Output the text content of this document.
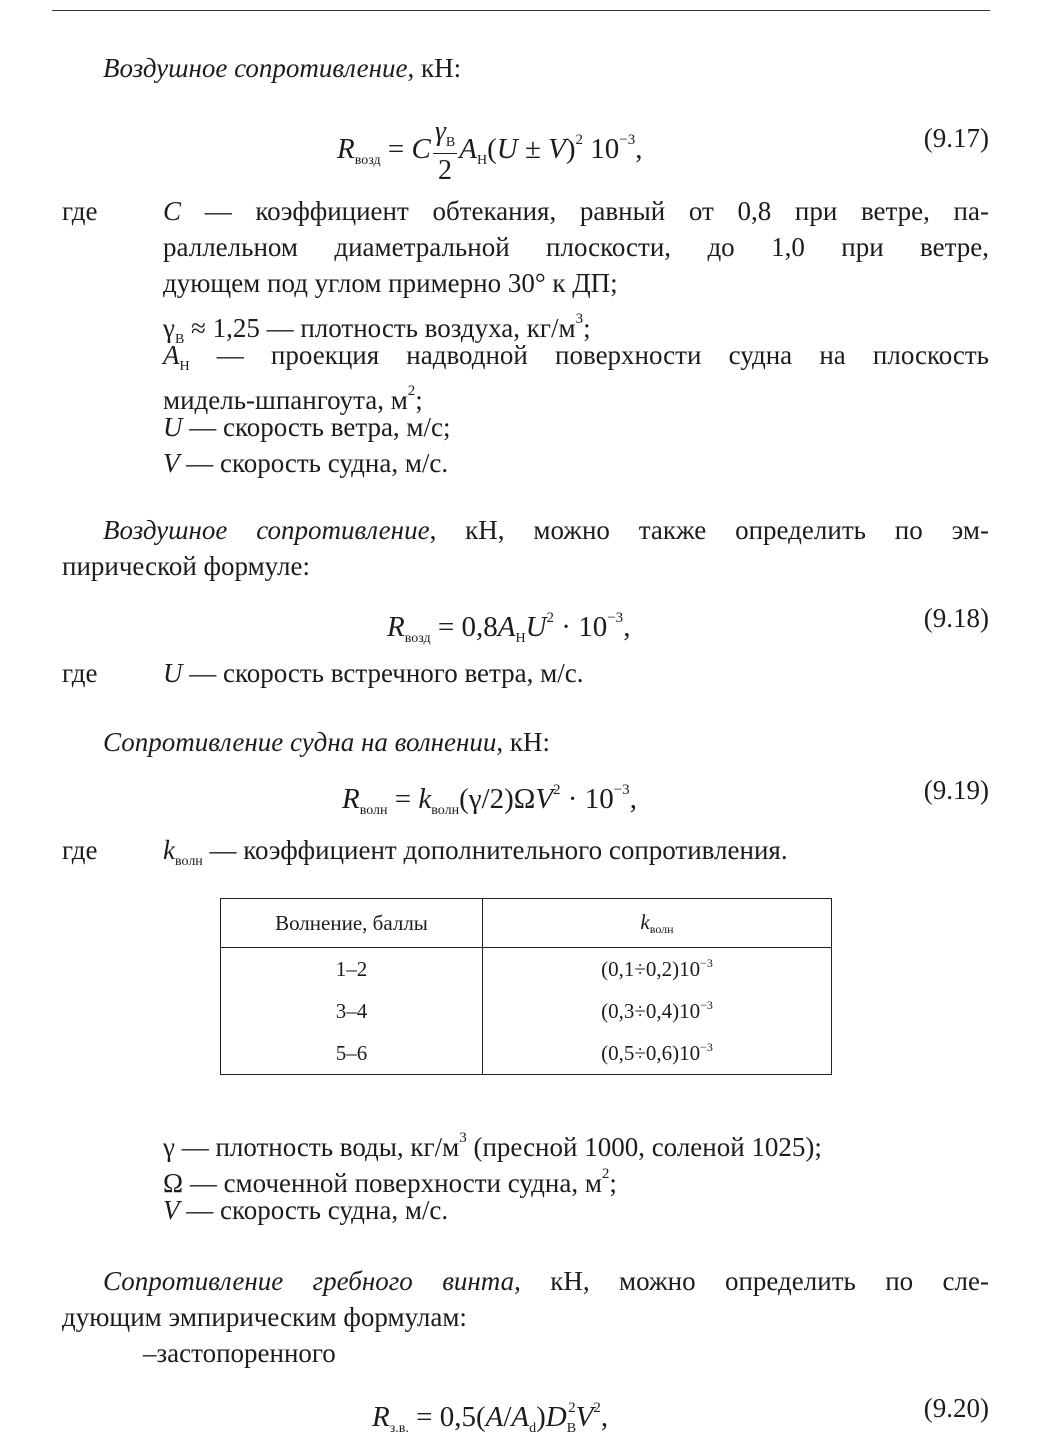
Воздушное сопротивление, кН:
$R_{возд} = C \frac{\gamma_В}{2} A_Н(U \pm V)^2$ $10^{-3}$,	(9.17)
где C — коэффициент обтекания, равный от 0,8 при ветре, па-
раллельном диаметральной плоскости, до 1,0 при ветре,
дующем под углом примерно 30° к ДП;
$\gamma_В \approx 1,25$ — плотность воздуха, $кг/м^3$;
$A_Н$ — проекция надводной поверхности судна на плоскость
мидель-шпангоута, $м^2$;
U — скорость ветра, м/с;
V — скорость судна, м/с.
Воздушное сопротивление, кН, можно также определить по эм-
пирической формуле:
$R_{возд} = 0,8A_НU^2 \cdot 10^{-3}$,	(9.18)
где U — скорость встречного ветра, м/с.
Сопротивление судна на волнении, кН:
$R_{волн} = k_{волн}(\gamma/2)\Omega V^2 \cdot 10^{-3}$,	(9.19)
где $k_{волн}$ — коэффициент дополнительного сопротивления.
Волнение, баллы	$k_{волн}$
1–2	$(0,1\div 0,2)10^{-3}$
3–4	$(0,3\div 0,4)10^{-3}$
5–6	$(0,5\div 0,6)10^{-3}$
γ — плотность воды, $кг/м^3$ (пресной 1000, соленой 1025);
Ω — смоченной поверхности судна, $м^2$;
V — скорость судна, м/с.
Сопротивление гребного винта, кН, можно определить по сле-
дующим эмпирическим формулам:
–застопоренного
$R_{з.в.} = 0,5(A/A_d)D_В^2V^2$,	(9.20)
